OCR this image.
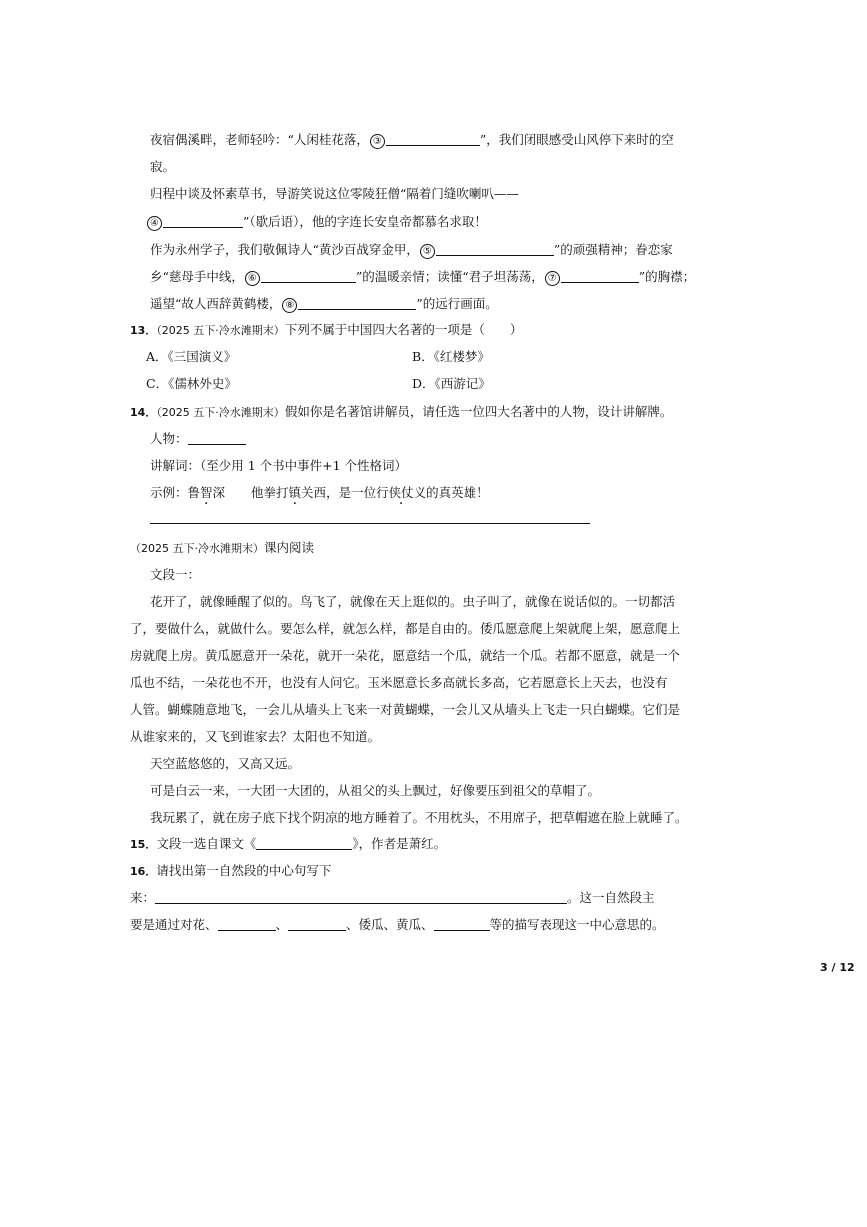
夜宿偶溪畔，老师轻吟：“人闲桂花落， ③	”，我们闭眼感受山风停下来时的空
寂。
归程中谈及怀素草书，导游笑说这位零陵狂僧“隔着门缝吹喇叭——
④	”（歇后语），他的字连长安皇帝都慕名求取！
作为永州学子，我们敬佩诗人“黄沙百战穿金甲， ⑤	”的顽强精神；眷恋家
乡“慈母手中线， ⑥	”的温暖亲情；读懂“君子坦荡荡， ⑦	”的胸襟；
遥望“故人西辞黄鹤楼， ⑧	”的远行画面。
13．（2025 五下·冷水滩期末）下列不属于中国四大名著的一项是（　　）
A．《三国演义》	B．《红楼梦》
C．《儒林外史》	D．《西游记》
14．（2025 五下·冷水滩期末）假如你是名著馆讲解员，请任选一位四大名著中的人物，设计讲解牌。
人物：
讲解词：（至少用 1 个书中事件+1 个性格词）
示例：鲁智深 他拳打镇关西 ·，是一位行侠仗义的真英雄！
（2025 五下·冷水滩期末）课内阅读
文段一：
花开了，就像睡醒了似的。鸟飞了，就像在天上逛似的。虫子叫了，就像在说话似的。一切都活
了，要做什么，就做什么。要怎么样，就怎么样，都是自由的。倭瓜愿意爬上架就爬上架，愿意爬上
房就爬上房。黄瓜愿意开一朵花，就开一朵花，愿意结一个瓜，就结一个瓜。若都不愿意，就是一个
瓜也不结，一朵花也不开，也没有人问它。玉米愿意长多高就长多高，它若愿意长上天去，也没有
人管。蝴蝶随意地飞，一会儿从墙头上飞来一对黄蝴蝶，一会儿又从墙头上飞走一只白蝴蝶。它们是
从谁家来的，又飞到谁家去？太阳也不知道。
天空蓝悠悠的，又高又远。
可是白云一来，一大团一大团的，从祖父的头上飘过，好像要压到祖父的草帽了。
我玩累了，就在房子底下找个阴凉的地方睡着了。不用枕头，不用席子，把草帽遮在脸上就睡了。
15．文段一选自课文《	》，作者是萧红。
16．请找出第一自然段的中心句写下
来：	。这一自然段主
要是通过对花、	、	、倭瓜、黄瓜、	等的描写表现这一中心意思的。
3 / 12
